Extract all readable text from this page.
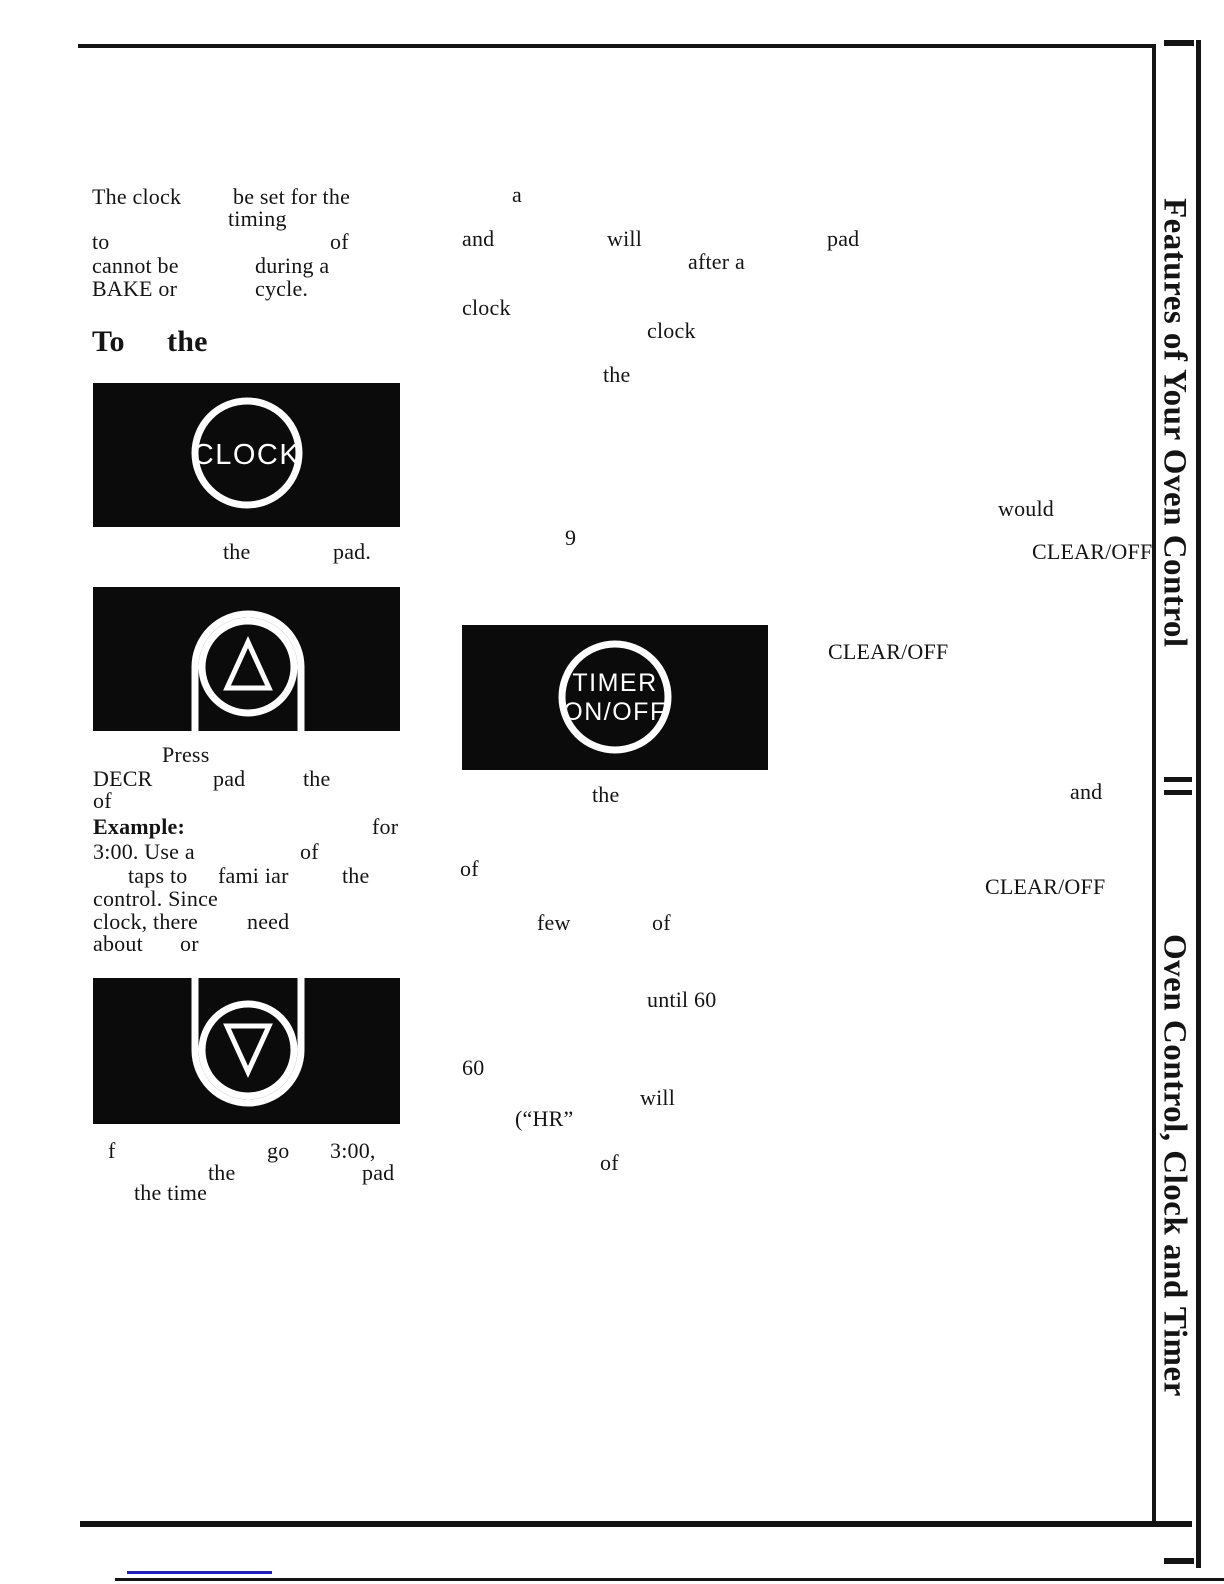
The clock be set for the
timing
to	of
cannot be	during a
BAKE or	cycle.
To the
the	pad.
Press
DECR	pad	the
of
Example:	for
3:00. Use a	of
taps to fami iar the
control. Since
clock, there need
about or
f	go 3:00,
the	pad
the time
a
and	will
after a
clock
clock
the
9
the
of
few	of
until 60
60
will
(“HR”
of
pad
would
CLEAR/OFF
CLEAR/OFF
and
CLEAR/OFF
CLOCK
TIMER
ON/OFF
Features of Your Oven Control
Oven Control, Clock and Timer
